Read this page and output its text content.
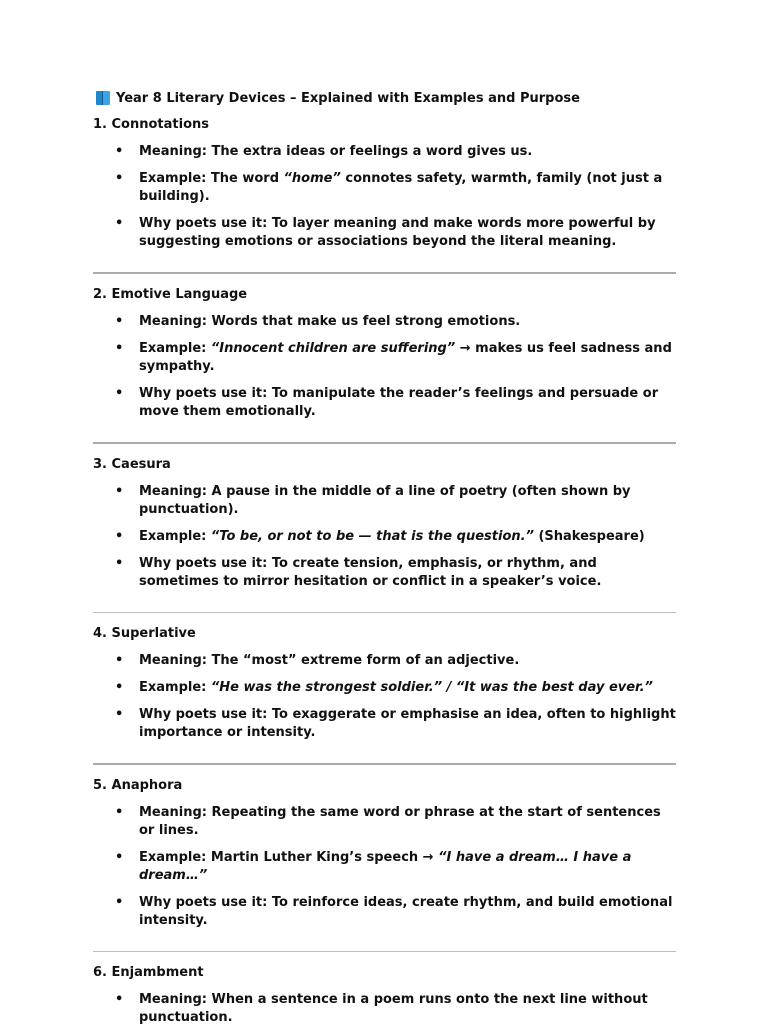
Year 8 Literary Devices – Explained with Examples and Purpose
1. Connotations
• Meaning: The extra ideas or feelings a word gives us.
• Example: The word “home” connotes safety, warmth, family (not just a building).
• Why poets use it: To layer meaning and make words more powerful by suggesting emotions or associations beyond the literal meaning.
2. Emotive Language
• Meaning: Words that make us feel strong emotions.
• Example: “Innocent children are suffering” → makes us feel sadness and sympathy.
• Why poets use it: To manipulate the reader’s feelings and persuade or move them emotionally.
3. Caesura
• Meaning: A pause in the middle of a line of poetry (often shown by punctuation).
• Example: “To be, or not to be — that is the question.” (Shakespeare)
• Why poets use it: To create tension, emphasis, or rhythm, and sometimes to mirror hesitation or conflict in a speaker’s voice.
4. Superlative
• Meaning: The “most” extreme form of an adjective.
• Example: “He was the strongest soldier.” / “It was the best day ever.”
• Why poets use it: To exaggerate or emphasise an idea, often to highlight importance or intensity.
5. Anaphora
• Meaning: Repeating the same word or phrase at the start of sentences or lines.
• Example: Martin Luther King’s speech → “I have a dream… I have a dream…”
• Why poets use it: To reinforce ideas, create rhythm, and build emotional intensity.
6. Enjambment
• Meaning: When a sentence in a poem runs onto the next line without punctuation.
